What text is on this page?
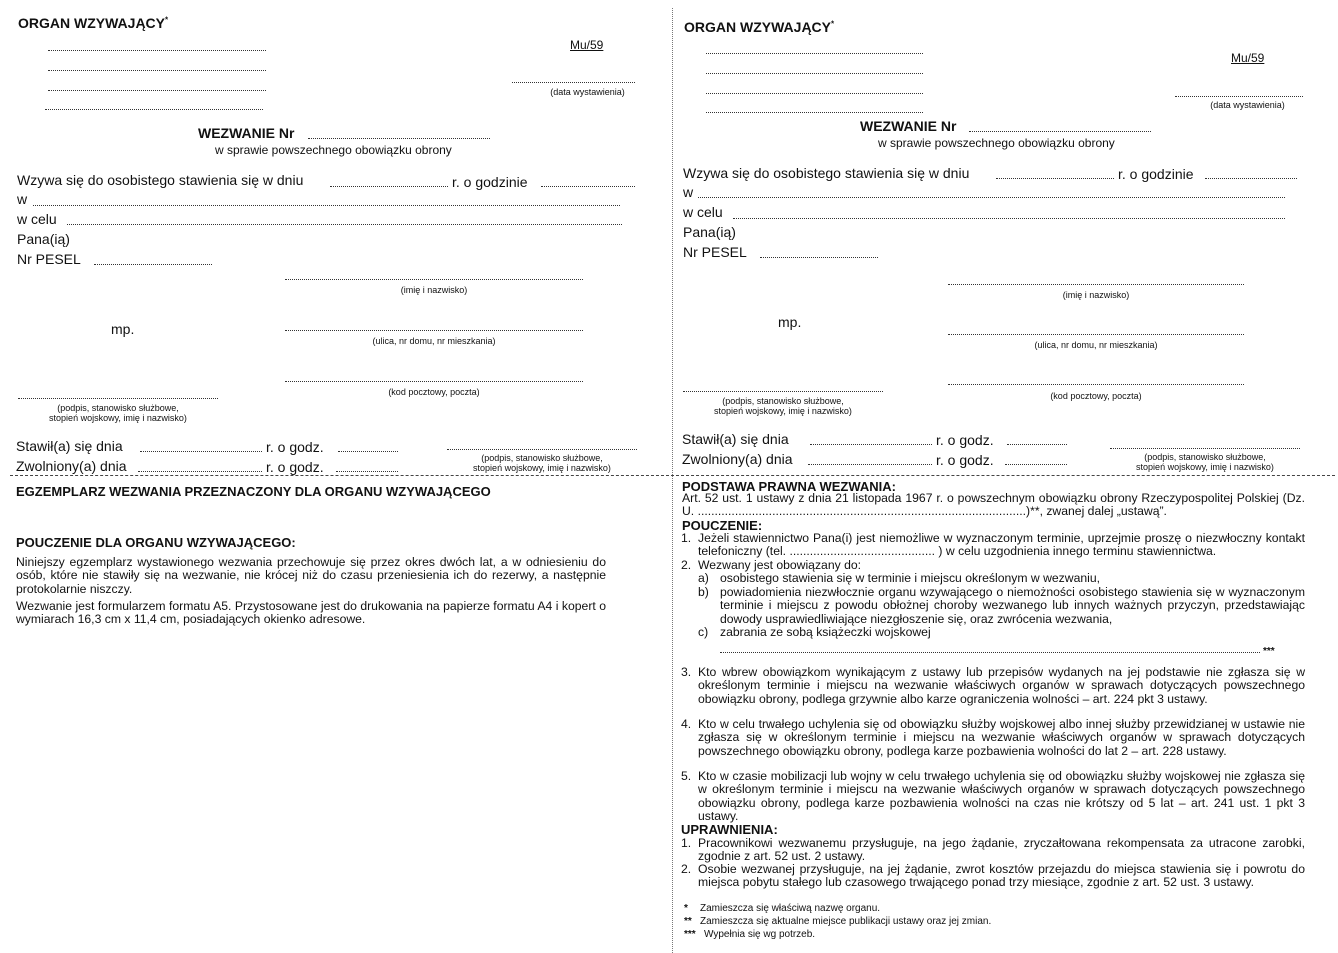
ORGAN WZYWAJĄCY*
Mu/59
(data wystawienia)
WEZWANIE Nr
w sprawie powszechnego obowiązku obrony
Wzywa się do osobistego stawienia się w dniu	r. o godzinie
w
w celu
Pana(ią)
Nr PESEL
(imię i nazwisko)
mp.
(ulica, nr domu, nr mieszkania)
(kod pocztowy, poczta)
(podpis, stanowisko służbowe,
stopień wojskowy, imię i nazwisko)
Stawił(a) się dnia	r. o godz.
Zwolniony(a) dnia	r. o godz.
(podpis, stanowisko służbowe,
stopień wojskowy, imię i nazwisko)
ORGAN WZYWAJĄCY*
Mu/59
(data wystawienia)
WEZWANIE Nr
w sprawie powszechnego obowiązku obrony
Wzywa się do osobistego stawienia się w dniu	r. o godzinie
w
w celu
Pana(ią)
Nr PESEL
(imię i nazwisko)
mp.
(ulica, nr domu, nr mieszkania)
(kod pocztowy, poczta)
(podpis, stanowisko służbowe,
stopień wojskowy, imię i nazwisko)
Stawił(a) się dnia	r. o godz.
Zwolniony(a) dnia	r. o godz.	(podpis, stanowisko służbowe,
stopień wojskowy, imię i nazwisko)
EGZEMPLARZ WEZWANIA PRZEZNACZONY DLA ORGANU WZYWAJĄCEGO
POUCZENIE DLA ORGANU WZYWAJĄCEGO:
Niniejszy egzemplarz wystawionego wezwania przechowuje się przez okres dwóch lat, a w odniesieniu do osób, które nie stawiły się na wezwanie, nie krócej niż do czasu przeniesienia ich do rezerwy, a następnie protokolarnie niszczy.
Wezwanie jest formularzem formatu A5. Przystosowane jest do drukowania na papierze formatu A4 i kopert o wymiarach 16,3 cm x 11,4 cm, posiadających okienko adresowe.
PODSTAWA PRAWNA WEZWANIA:
Art. 52 ust. 1 ustawy z dnia 21 listopada 1967 r. o powszechnym obowiązku obrony Rzeczypospolitej Polskiej (Dz. U. .................................................................................................)**, zwanej dalej „ustawą”.
POUCZENIE:
1. Jeżeli stawiennictwo Pana(i) jest niemożliwe w wyznaczonym terminie, uprzejmie proszę o niezwłoczny kontakt telefoniczny (tel. ........................................... ) w celu uzgodnienia innego terminu stawiennictwa.
2. Wezwany jest obowiązany do:
a) osobistego stawienia się w terminie i miejscu określonym w wezwaniu,
b) powiadomienia niezwłocznie organu wzywającego o niemożności osobistego stawienia się w wyznaczonym terminie i miejscu z powodu obłożnej choroby wezwanego lub innych ważnych przyczyn, przedstawiając dowody usprawiedliwiające niezgłoszenie się, oraz zwrócenia wezwania,
c) zabrania ze sobą książeczki wojskowej
***
3. Kto wbrew obowiązkom wynikającym z ustawy lub przepisów wydanych na jej podstawie nie zgłasza się w określonym terminie i miejscu na wezwanie właściwych organów w sprawach dotyczących powszechnego obowiązku obrony, podlega grzywnie albo karze ograniczenia wolności – art. 224 pkt 3 ustawy.
4. Kto w celu trwałego uchylenia się od obowiązku służby wojskowej albo innej służby przewidzianej w ustawie nie zgłasza się w określonym terminie i miejscu na wezwanie właściwych organów w sprawach dotyczących powszechnego obowiązku obrony, podlega karze pozbawienia wolności do lat 2 – art. 228 ustawy.
5. Kto w czasie mobilizacji lub wojny w celu trwałego uchylenia się od obowiązku służby wojskowej nie zgłasza się w określonym terminie i miejscu na wezwanie właściwych organów w sprawach dotyczących powszechnego obowiązku obrony, podlega karze pozbawienia wolności na czas nie krótszy od 5 lat – art. 241 ust. 1 pkt 3 ustawy.
UPRAWNIENIA:
1. Pracownikowi wezwanemu przysługuje, na jego żądanie, zryczałtowana rekompensata za utracone zarobki, zgodnie z art. 52 ust. 2 ustawy.
2. Osobie wezwanej przysługuje, na jej żądanie, zwrot kosztów przejazdu do miejsca stawienia się i powrotu do miejsca pobytu stałego lub czasowego trwającego ponad trzy miesiące, zgodnie z art. 52 ust. 3 ustawy.
* Zamieszcza się właściwą nazwę organu.
** Zamieszcza się aktualne miejsce publikacji ustawy oraz jej zmian.
*** Wypełnia się wg potrzeb.
